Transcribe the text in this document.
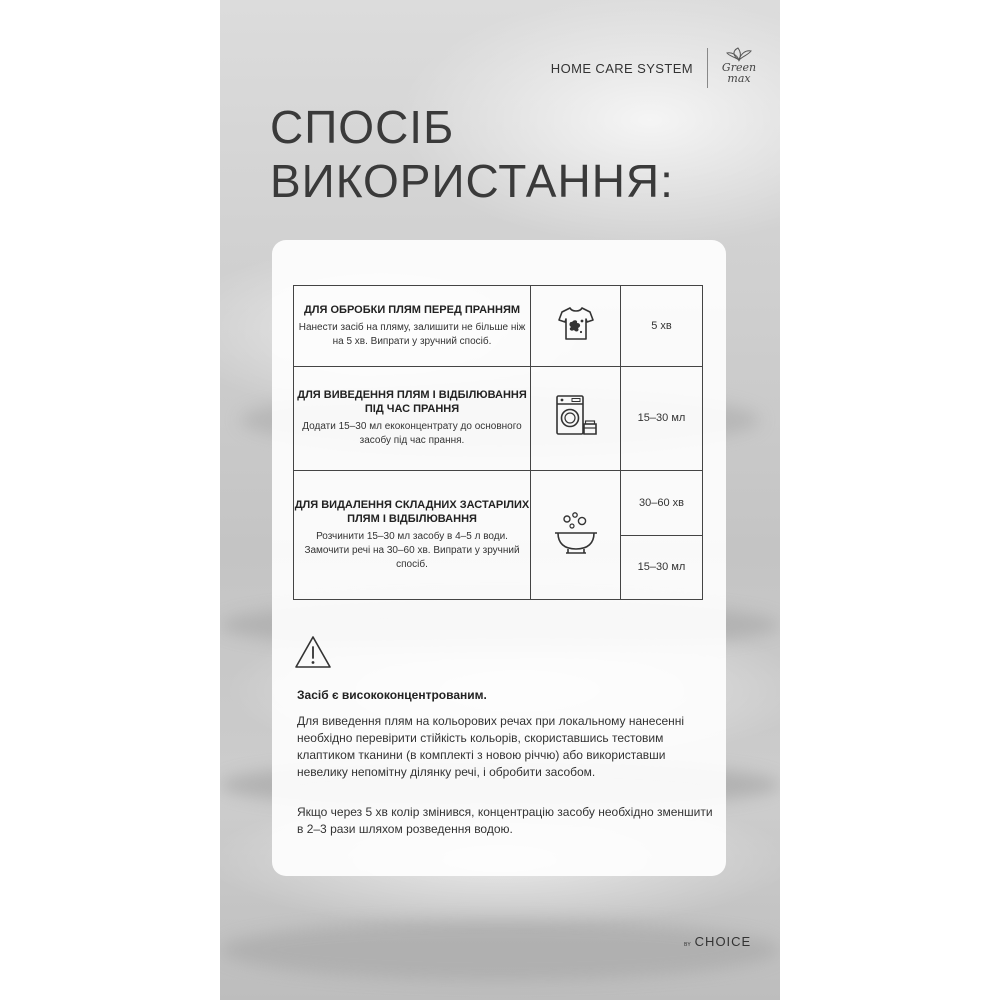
HOME CARE SYSTEM	Green
max
СПОСІБ
ВИКОРИСТАННЯ:
ДЛЯ ОБРОБКИ ПЛЯМ ПЕРЕД ПРАННЯМ
Нанести засіб на пляму, залишити не більше ніж на 5 хв. Випрати у зручний спосіб.		5 хв

ДЛЯ ВИВЕДЕННЯ ПЛЯМ І ВІДБІЛЮВАННЯ ПІД ЧАС ПРАННЯ
Додати 15–30 мл екоконцентрату до основного засобу під час прання.		15–30 мл

ДЛЯ ВИДАЛЕННЯ СКЛАДНИХ ЗАСТАРІЛИХ ПЛЯМ І ВІДБІЛЮВАННЯ
Розчинити 15–30 мл засобу в 4–5 л води. Замочити речі на 30–60 хв. Випрати у зручний спосіб.		30–60 хв
		15–30 мл
Засіб є висококонцентрованим.

Для виведення плям на кольорових речах при локальному нанесенні необхідно перевірити стійкість кольорів, скориставшись тестовим клаптиком тканини (в комплекті з новою річчю) або використавши невелику непомітну ділянку речі, і обробити засобом.

Якщо через 5 хв колір змінився, концентрацію засобу необхідно зменшити в 2–3 рази шляхом розведення водою.

BY CHOICE
